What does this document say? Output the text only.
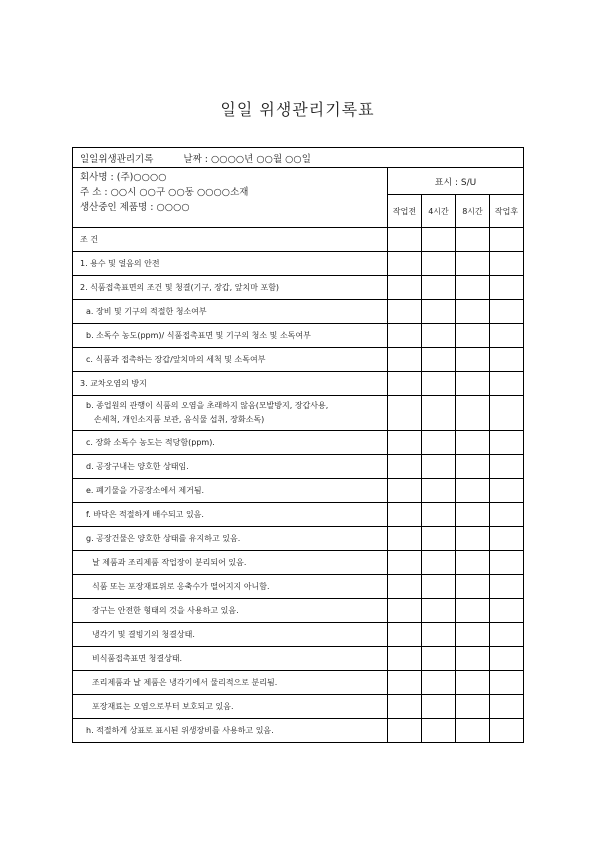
일일 위생관리기록표
일일위생관리기록 날짜 : ○○○○년 ○○월 ○○일				

회사명 : (주)○○○○
주 소 : ○○시 ○○구 ○○동 ○○○○소재
생산중인 제품명 : ○○○○	표시 : S/U			
	작업전	4시간	8시간	작업후

조 건				

1. 용수 및 얼음의 안전				

2. 식품접촉표면의 조건 및 청결(기구, 장갑, 앞치마 포함)				

a. 장비 및 기구의 적절한 청소여부				

b. 소독수 농도(ppm)/ 식품접촉표면 및 기구의 청소 및 소독여부				

c. 식품과 접촉하는 장갑/앞치마의 세척 및 소독여부				

3. 교차오염의 방지				

b. 종업원의 관행이 식품의 오염을 초래하지 않음(모발방지, 장갑사용,
손세척, 개인소지품 보관, 음식물 섭취, 장화소독)				

c. 장화 소독수 농도는 적당함(ppm).				

d. 공장구내는 양호한 상태임.				

e. 폐기물을 가공장소에서 제거됨.				

f. 바닥은 적절하게 배수되고 있음.				

g. 공장건물은 양호한 상태를 유지하고 있음.				

날 제품과 조리제품 작업장이 분리되어 있음.				

식품 또는 포장재료위로 응축수가 떨어지지 아니함.				

장구는 안전한 형태의 것을 사용하고 있음.				

냉각기 및 결빙기의 청결상태.				

비식품접촉표면 청결상태.				

조리제품과 날 제품은 냉각기에서 물리적으로 분리됨.				

포장재료는 오염으로부터 보호되고 있음.				

h. 적절하게 상표로 표시된 위생장비를 사용하고 있음.				
